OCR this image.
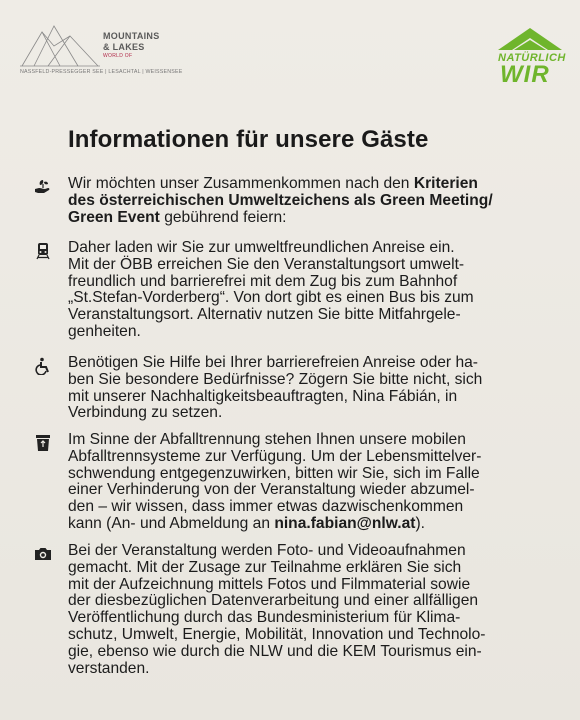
MOUNTAINS
& LAKES
WORLD OF
NASSFELD-PRESSEGGER SEE | LESACHTAL | WEISSENSEE
NATÜRLICH
WIR
Informationen für unsere Gäste
Wir möchten unser Zusammenkommen nach den Kriterien
des österreichischen Umweltzeichens als Green Meeting/
Green Event gebührend feiern:
Daher laden wir Sie zur umweltfreundlichen Anreise ein.
Mit der ÖBB erreichen Sie den Veranstaltungsort umwelt-
freundlich und barrierefrei mit dem Zug bis zum Bahnhof
„St.Stefan-Vorderberg“. Von dort gibt es einen Bus bis zum
Veranstaltungsort. Alternativ nutzen Sie bitte Mitfahrgele-
genheiten.
Benötigen Sie Hilfe bei Ihrer barrierefreien Anreise oder ha-
ben Sie besondere Bedürfnisse? Zögern Sie bitte nicht, sich
mit unserer Nachhaltigkeitsbeauftragten, Nina Fábián, in
Verbindung zu setzen.
Im Sinne der Abfalltrennung stehen Ihnen unsere mobilen
Abfalltrennsysteme zur Verfügung. Um der Lebensmittelver-
schwendung entgegenzuwirken, bitten wir Sie, sich im Falle
einer Verhinderung von der Veranstaltung wieder abzumel-
den – wir wissen, dass immer etwas dazwischenkommen
kann (An- und Abmeldung an nina.fabian@nlw.at).
Bei der Veranstaltung werden Foto- und Videoaufnahmen
gemacht. Mit der Zusage zur Teilnahme erklären Sie sich
mit der Aufzeichnung mittels Fotos und Filmmaterial sowie
der diesbezüglichen Datenverarbeitung und einer allfälligen
Veröffentlichung durch das Bundesministerium für Klima-
schutz, Umwelt, Energie, Mobilität, Innovation und Technolo-
gie, ebenso wie durch die NLW und die KEM Tourismus ein-
verstanden.
